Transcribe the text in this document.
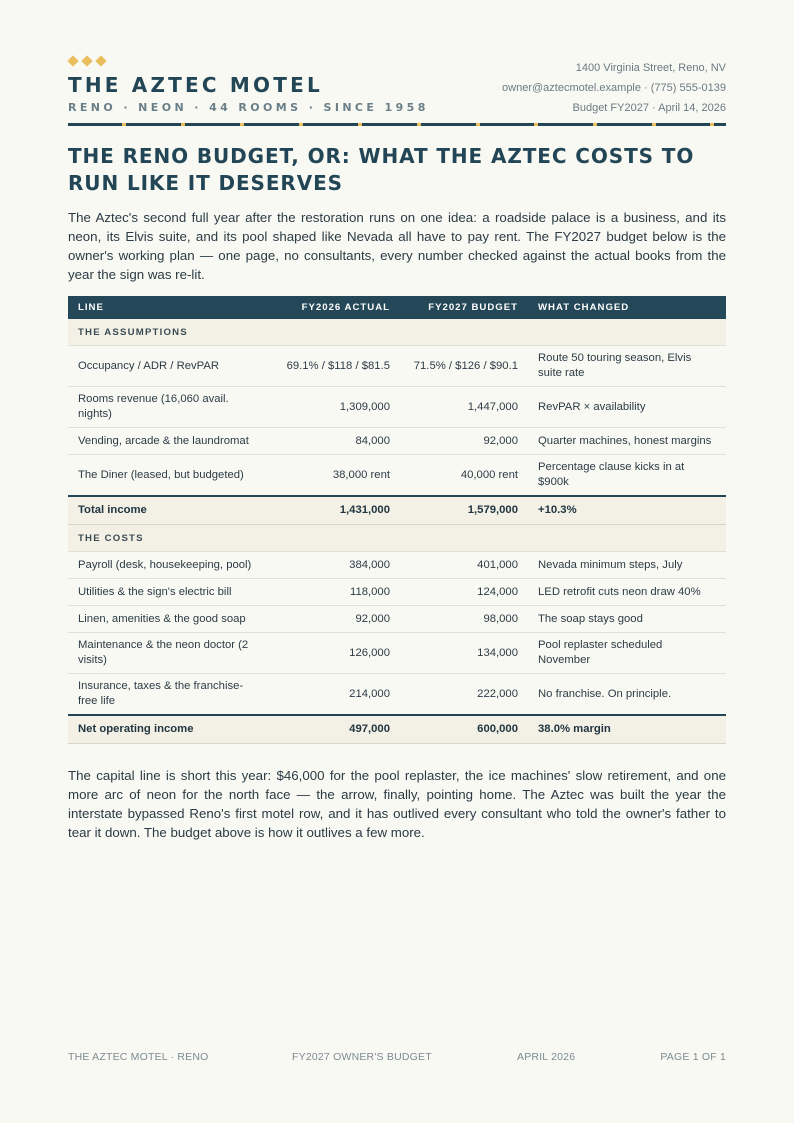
THE AZTEC MOTEL
RENO · NEON · 44 ROOMS · SINCE 1958
1400 Virginia Street, Reno, NV
owner@aztecmotel.example · (775) 555-0139
Budget FY2027 · April 14, 2026
THE RENO BUDGET, OR: WHAT THE AZTEC COSTS TO RUN LIKE IT DESERVES

The Aztec's second full year after the restoration runs on one idea: a roadside palace is a business, and its neon, its Elvis suite, and its pool shaped like Nevada all have to pay rent. The FY2027 budget below is the owner's working plan — one page, no consultants, every number checked against the actual books from the year the sign was re-lit.

LINE	FY2026 ACTUAL	FY2027 BUDGET	WHAT CHANGED
THE ASSUMPTIONS			
Occupancy / ADR / RevPAR	69.1% / $118 / $81.5	71.5% / $126 / $90.1	Route 50 touring season, Elvis suite rate
Rooms revenue (16,060 avail. nights)	1,309,000	1,447,000	RevPAR × availability
Vending, arcade & the laundromat	84,000	92,000	Quarter machines, honest margins
The Diner (leased, but budgeted)	38,000 rent	40,000 rent	Percentage clause kicks in at $900k
Total income	1,431,000	1,579,000	+10.3%
THE COSTS			
Payroll (desk, housekeeping, pool)	384,000	401,000	Nevada minimum steps, July
Utilities & the sign's electric bill	118,000	124,000	LED retrofit cuts neon draw 40%
Linen, amenities & the good soap	92,000	98,000	The soap stays good
Maintenance & the neon doctor (2 visits)	126,000	134,000	Pool replaster scheduled November
Insurance, taxes & the franchise-free life	214,000	222,000	No franchise. On principle.
Net operating income	497,000	600,000	38.0% margin

The capital line is short this year: $46,000 for the pool replaster, the ice machines' slow retirement, and one more arc of neon for the north face — the arrow, finally, pointing home. The Aztec was built the year the interstate bypassed Reno's first motel row, and it has outlived every consultant who told the owner's father to tear it down. The budget above is how it outlives a few more.

THE AZTEC MOTEL · RENO	FY2027 OWNER'S BUDGET	APRIL 2026	PAGE 1 OF 1
